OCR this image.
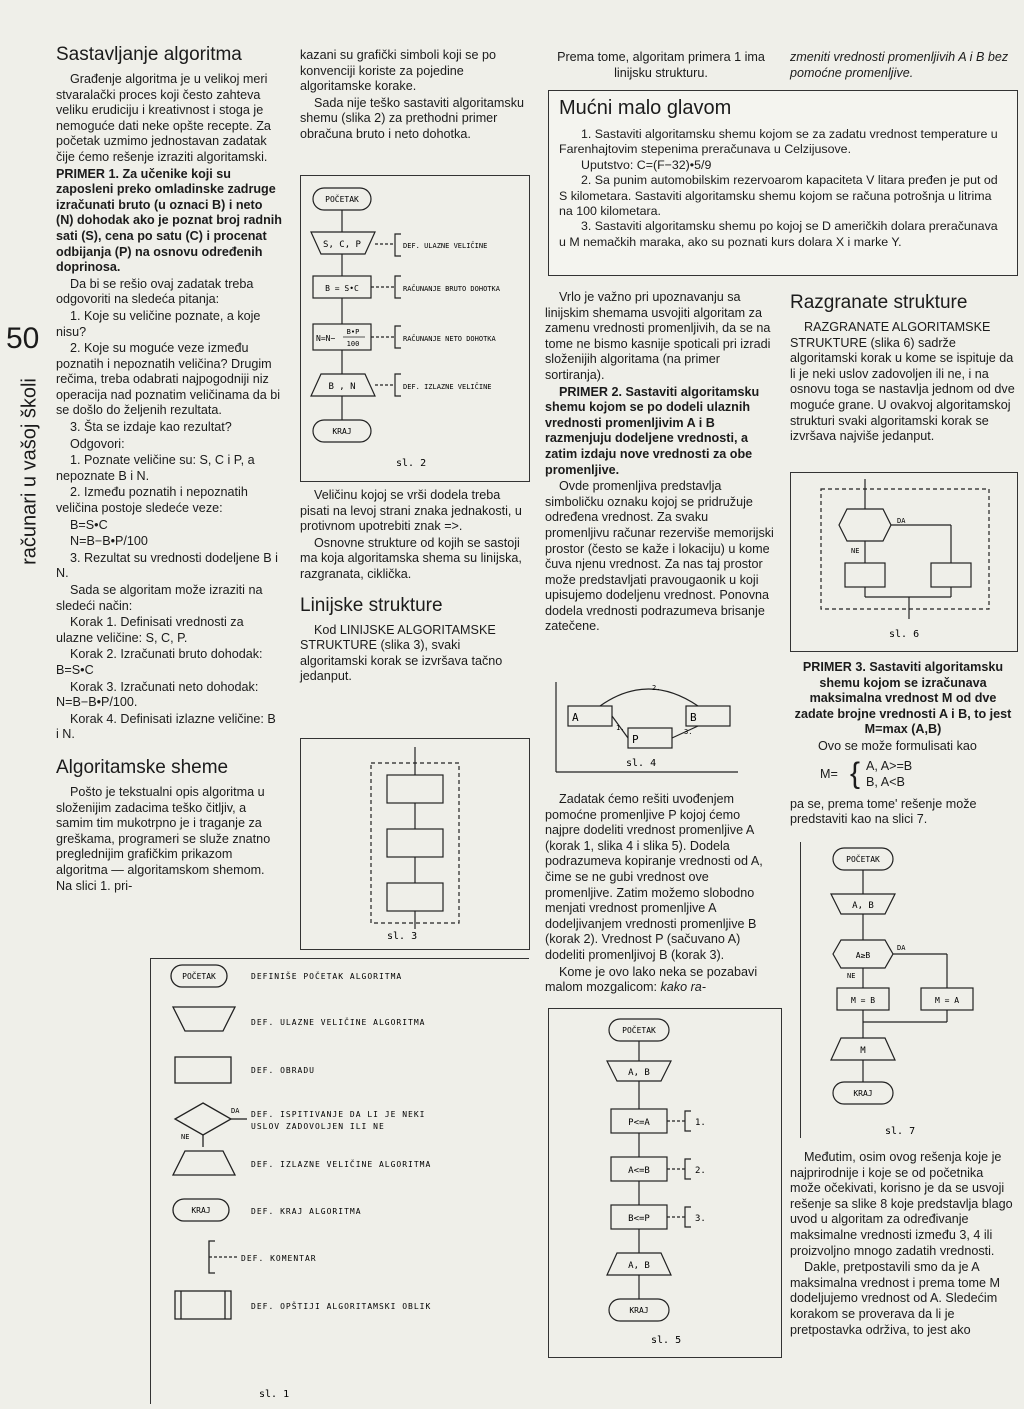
50
računari u vašoj školi
Sastavljanje algoritma

Građenje algoritma je u velikoj meri stvaralački proces koji često zahteva veliku erudiciju i kreativnost i stoga je nemoguće dati neke opšte recepte. Za početak uzmimo jednostavan zadatak čije ćemo rešenje izraziti algoritamski.

PRIMER 1. Za učenike koji su zaposleni preko omladinske zadruge izračunati bruto (u oznaci B) i neto (N) dohodak ako je poznat broj radnih sati (S), cena po satu (C) i procenat odbijanja (P) na osnovu određenih doprinosa.

Da bi se rešio ovaj zadatak treba odgovoriti na sledeća pitanja:

1. Koje su veličine poznate, a koje nisu?

2. Koje su moguće veze između poznatih i nepoznatih veličina? Drugim rečima, treba odabrati najpogodniji niz operacija nad poznatim veličinama da bi se došlo do željenih rezultata.

3. Šta se izdaje kao rezultat?

Odgovori:

1. Poznate veličine su: S, C i P, a nepoznate B i N.

2. Između poznatih i nepoznatih veličina postoje sledeće veze:

B=S•C

N=B−B•P/100

3. Rezultat su vrednosti dodeljene B i N.

Sada se algoritam može izraziti na sledeći način:

Korak 1. Definisati vrednosti za ulazne veličine: S, C, P.

Korak 2. Izračunati bruto dohodak: B=S•C

Korak 3. Izračunati neto dohodak: N=B−B•P/100.

Korak 4. Definisati izlazne veličine: B i N.

Algoritamske sheme

Pošto je tekstualni opis algoritma u složenijim zadacima teško čitljiv, a samim tim mukotrpno je i traganje za greškama, programeri se služe znatno preglednijim grafičkim prikazom algoritma — algoritamskom shemom. Na slici 1. pri-

kazani su grafički simboli koji se po konvenciji koriste za pojedine algoritamske korake.

Sada nije teško sastaviti algoritamsku shemu (slika 2) za prethodni primer obračuna bruto i neto dohotka.

POČETAK
S, C, P	DEF. ULAZNE VELIČINE
B = S•C	RAČUNANJE BRUTO DOHOTKA
N=N−
B•P
100
RAČUNANJE NETO DOHOTKA
B , N	DEF. IZLAZNE VELIČINE
KRAJ
sl. 2

Veličinu kojoj se vrši dodela treba pisati na levoj strani znaka jednakosti, u protivnom upotrebiti znak =>.

Osnovne strukture od kojih se sastoji ma koja algoritamska shema su linijska, razgranata, ciklička.

Linijske strukture

Kod LINIJSKE ALGORITAMSKE STRUKTURE (slika 3), svaki algoritamski korak se izvršava tačno jedanput.

sl. 3
POČETAK	DEFINIŠE POČETAK ALGORITMA
DEF. ULAZNE VELIČINE ALGORITMA
DEF. OBRADU
DA
NE
DEF. ISPITIVANJE DA LI JE NEKI
USLOV ZADOVOLJEN ILI NE
DEF. IZLAZNE VELIČINE ALGORITMA
KRAJ	DEF. KRAJ ALGORITMA
DEF. KOMENTAR
DEF. OPŠTIJI ALGORITAMSKI OBLIK
sl. 1

Prema tome, algoritam primera 1 ima linijsku strukturu.

zmeniti vrednosti promenljivih A i B bez pomoćne promenljive.

Mućni malo glavom
1. Sastaviti algoritamsku shemu kojom se za zadatu vrednost temperature u Farenhajtovim stepenima preračunava u Celzijusove.
Uputstvo: C=(F−32)•5/9
2. Sa punim automobilskim rezervoarom kapaciteta V litara pređen je put od S kilometara. Sastaviti algoritamsku shemu kojom se računa potrošnja u litrima na 100 kilometara.
3. Sastaviti algoritamsku shemu po kojoj se D američkih dolara preračunava u M nemačkih maraka, ako su poznati kurs dolara X i marke Y.

Vrlo je važno pri upoznavanju sa linijskim shemama usvojiti algoritam za zamenu vrednosti promenljivih, da se na tome ne bismo kasnije spoticali pri izradi složenijih algoritama (na primer sortiranja).

PRIMER 2. Sastaviti algoritamsku shemu kojom se po dodeli ulaznih vrednosti promenljivim A i B razmenjuju dodeljene vrednosti, a zatim izdaju nove vrednosti za obe promenljive.

Ovde promenljiva predstavlja simboličku oznaku kojoj se pridružuje određena vrednost. Za svaku promenljivu računar rezerviše memorijski prostor (često se kaže i lokaciju) u kome čuva njenu vrednost. Za nas taj prostor može predstavljati pravougaonik u koji upisujemo dodeljenu vrednost. Ponovna dodela vrednosti podrazumeva brisanje zatečene.

A	B
P
2.
1.	3.
sl. 4

Zadatak ćemo rešiti uvođenjem pomoćne promenljive P kojoj ćemo najpre dodeliti vrednost promenljive A (korak 1, slika 4 i slika 5). Dodela podrazumeva kopiranje vrednosti od A, čime se ne gubi vrednost ove promenljive. Zatim možemo slobodno menjati vrednost promenljive A dodeljivanjem vrednosti promenljive B (korak 2). Vrednost P (sačuvano A) dodeliti promenljivoj B (korak 3).

Kome je ovo lako neka se pozabavi malom mozgalicom: kako ra-

POČETAK
A, B
P<=A
A<=B
B<=P
1.
2.
3.
A, B
KRAJ
sl. 5
Razgranate strukture

RAZGRANATE ALGORITAMSKE STRUKTURE (slika 6) sadrže algoritamski korak u kome se ispituje da li je neki uslov zadovoljen ili ne, i na osnovu toga se nastavlja jednom od dve moguće grane. U ovakvoj algoritamskoj strukturi svaki algoritamski korak se izvršava najviše jedanput.

DA
NE
sl. 6

PRIMER 3. Sastaviti algoritamsku shemu kojom se izračunava maksimalna vrednost M od dve zadate brojne vrednosti A i B, to jest M=max (A,B)

Ovo se može formulisati kao

M= { A, A>=B
B, A<B

pa se, prema tome' rešenje može predstaviti kao na slici 7.

POČETAK
A, B
A≥B
DA
NE
M = B	M = A
M
KRAJ
sl. 7

Međutim, osim ovog rešenja koje je najprirodnije i koje se od početnika može očekivati, korisno je da se usvoji rešenje sa slike 8 koje predstavlja blago uvod u algoritam za određivanje maksimalne vrednosti između 3, 4 ili proizvoljno mnogo zadatih vrednosti.

Dakle, pretpostavili smo da je A maksimalna vrednost i prema tome M dodeljujemo vrednost od A. Sledećim korakom se proverava da li je pretpostavka održiva, to jest ako
